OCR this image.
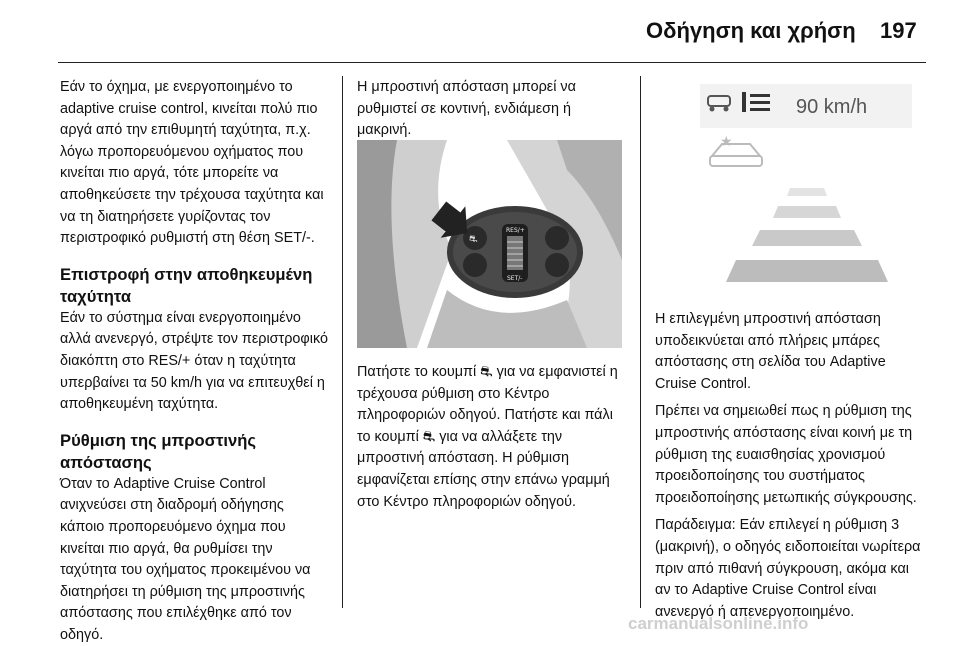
Οδήγηση και χρήση 197

Εάν το όχημα, με ενεργοποιημένο το adaptive cruise control, κινείται πολύ πιο αργά από την επιθυμητή ταχύτητα, π.χ. λόγω προπορευόμενου οχήματος που κινείται πιο αργά, τότε μπορείτε να αποθηκεύσετε την τρέχουσα ταχύτητα και να τη διατηρήσετε γυρίζοντας τον περιστροφικό ρυθμιστή στη θέση SET/-.

Επιστροφή στην αποθηκευμένη ταχύτητα

Εάν το σύστημα είναι ενεργοποιημένο αλλά ανενεργό, στρέψτε τον περιστροφικό διακόπτη στο RES/+ όταν η ταχύτητα υπερβαίνει τα 50 km/h για να επιτευχθεί η αποθηκευμένη ταχύτητα.

Ρύθμιση της μπροστινής απόστασης

Όταν το Adaptive Cruise Control ανιχνεύσει στη διαδρομή οδήγησης κάποιο προπορευόμενο όχημα που κινείται πιο αργά, θα ρυθμίσει την ταχύτητα του οχήματος προκειμένου να διατηρήσει τη ρύθμιση της μπροστινής απόστασης που επιλέχθηκε από τον οδηγό.

Η μπροστινή απόσταση μπορεί να ρυθμιστεί σε κοντινή, ενδιάμεση ή μακρινή.

⛐
RES/+
SET/-

Πατήστε το κουμπί ⛐ για να εμφανιστεί η τρέχουσα ρύθμιση στο Κέντρο πληροφοριών οδηγού. Πατήστε και πάλι το κουμπί ⛐ για να αλλάξετε την μπροστινή απόσταση. Η ρύθμιση εμφανίζεται επίσης στην επάνω γραμμή στο Κέντρο πληροφοριών οδηγού.

90 km/h
★

Η επιλεγμένη μπροστινή απόσταση υποδεικνύεται από πλήρεις μπάρες απόστασης στη σελίδα του Adaptive Cruise Control.

Πρέπει να σημειωθεί πως η ρύθμιση της μπροστινής απόστασης είναι κοινή με τη ρύθμιση της ευαισθησίας χρονισμού προειδοποίησης του συστήματος προειδοποίησης μετωπικής σύγκρουσης.

Παράδειγμα: Εάν επιλεγεί η ρύθμιση 3 (μακρινή), ο οδηγός ειδοποιείται νωρίτερα πριν από πιθανή σύγκρουση, ακόμα και αν το Adaptive Cruise Control είναι ανενεργό ή απενεργοποιημένο.

carmanualsonline.info
